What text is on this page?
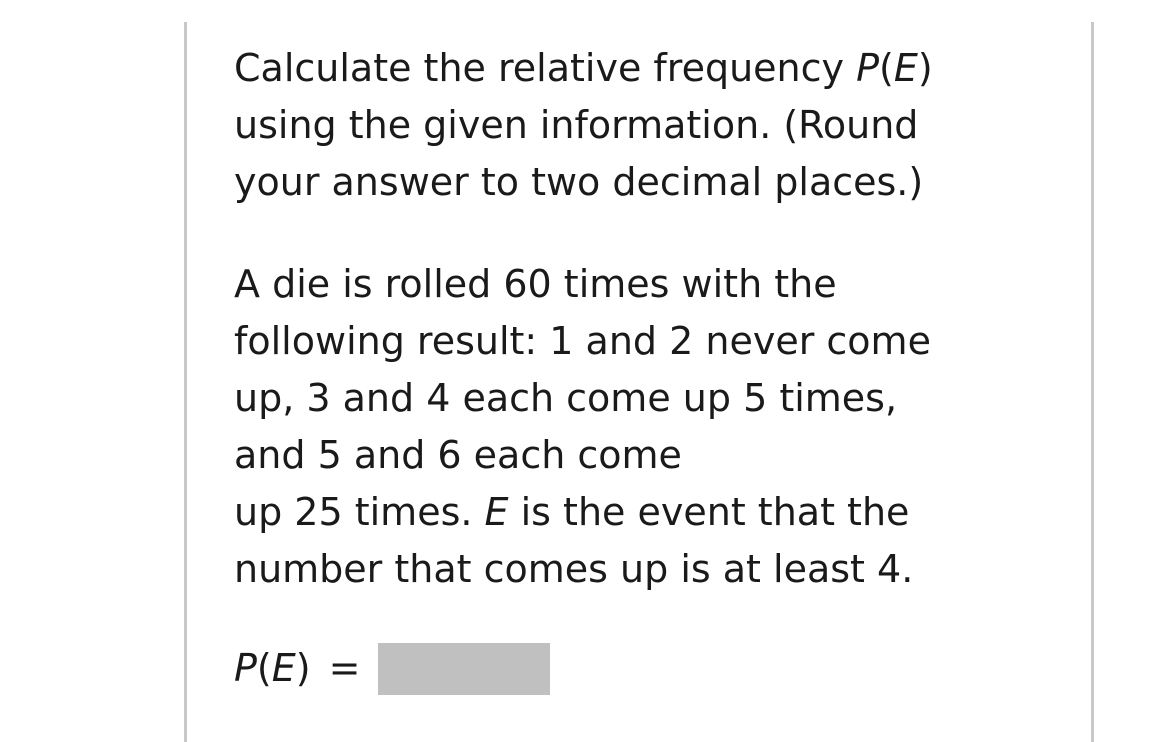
Calculate the relative frequency P(E)
using the given information. (Round
your answer to two decimal places.)
A die is rolled 60 times with the
following result: 1 and 2 never come
up, 3 and 4 each come up 5 times,
and 5 and 6 each come
up 25 times. E is the event that the
number that comes up is at least 4.
P(E) =
